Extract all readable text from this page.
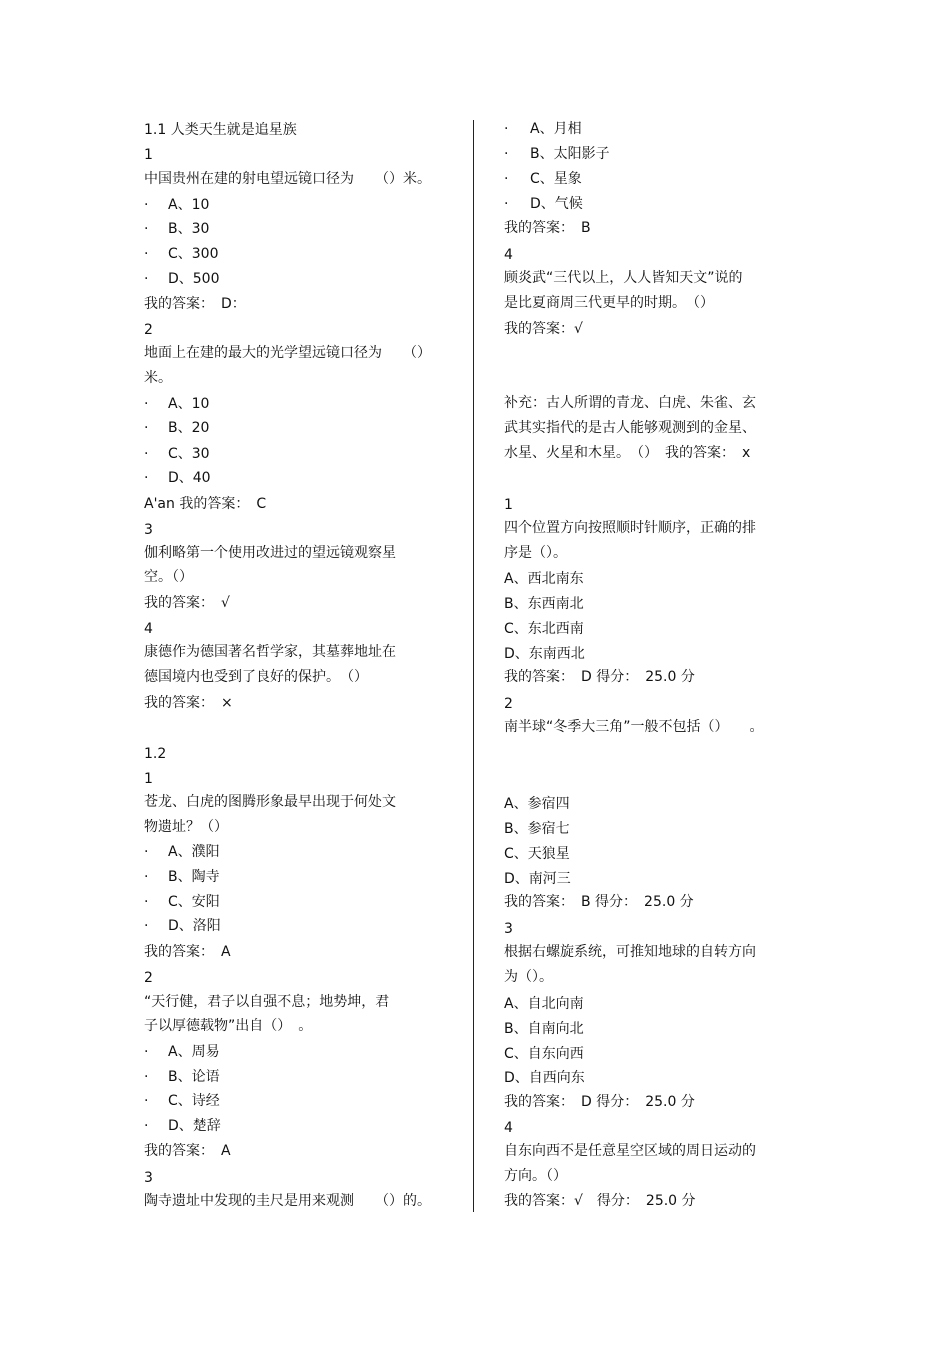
1.1 人类天生就是追星族
1
中国贵州在建的射电望远镜口径为　　（）米。
· A、10
· B、30
· C、300
· D、500
我的答案：　D：
2
地面上在建的最大的光学望远镜口径为　　（）
米。
· A、10
· B、20
· C、30
· D、40
A'an 我的答案：　C
3
伽利略第一个使用改进过的望远镜观察星
空。（）
我的答案：　√
4
康德作为德国著名哲学家，其墓葬地址在
德国境内也受到了良好的保护。　（）
我的答案：　×
1.2
1
苍龙、白虎的图腾形象最早出现于何处文
物遗址？（）
· A、濮阳
· B、陶寺
· C、安阳
· D、洛阳
我的答案：　A
2
“天行健，君子以自强不息；地势坤，君
子以厚德载物”出自（）　。
· A、周易
· B、论语
· C、诗经
· D、楚辞
我的答案：　A
3
陶寺遗址中发现的圭尺是用来观测　　（）的。
· A、月相
· B、太阳影子
· C、星象
· D、气候
我的答案：　B
4
顾炎武“三代以上，人人皆知天文”说的
是比夏商周三代更早的时期。　（）
我的答案：√
补充：古人所谓的青龙、白虎、朱雀、玄
武其实指代的是古人能够观测到的金星、
水星、火星和木星。　（）　我的答案：　x
1
四个位置方向按照顺时针顺序，正确的排
序是（）。
A、西北南东
B、东西南北
C、东北西南
D、东南西北
我的答案：　D 得分：　25.0 分
2
南半球“冬季大三角”一般不包括（）　　。
A、参宿四
B、参宿七
C、天狼星
D、南河三
我的答案：　B 得分：　25.0 分
3
根据右螺旋系统，可推知地球的自转方向
为（）。
A、自北向南
B、自南向北
C、自东向西
D、自西向东
我的答案：　D 得分：　25.0 分
4
自东向西不是任意星空区域的周日运动的
方向。（）
我的答案：√　得分：　25.0 分
